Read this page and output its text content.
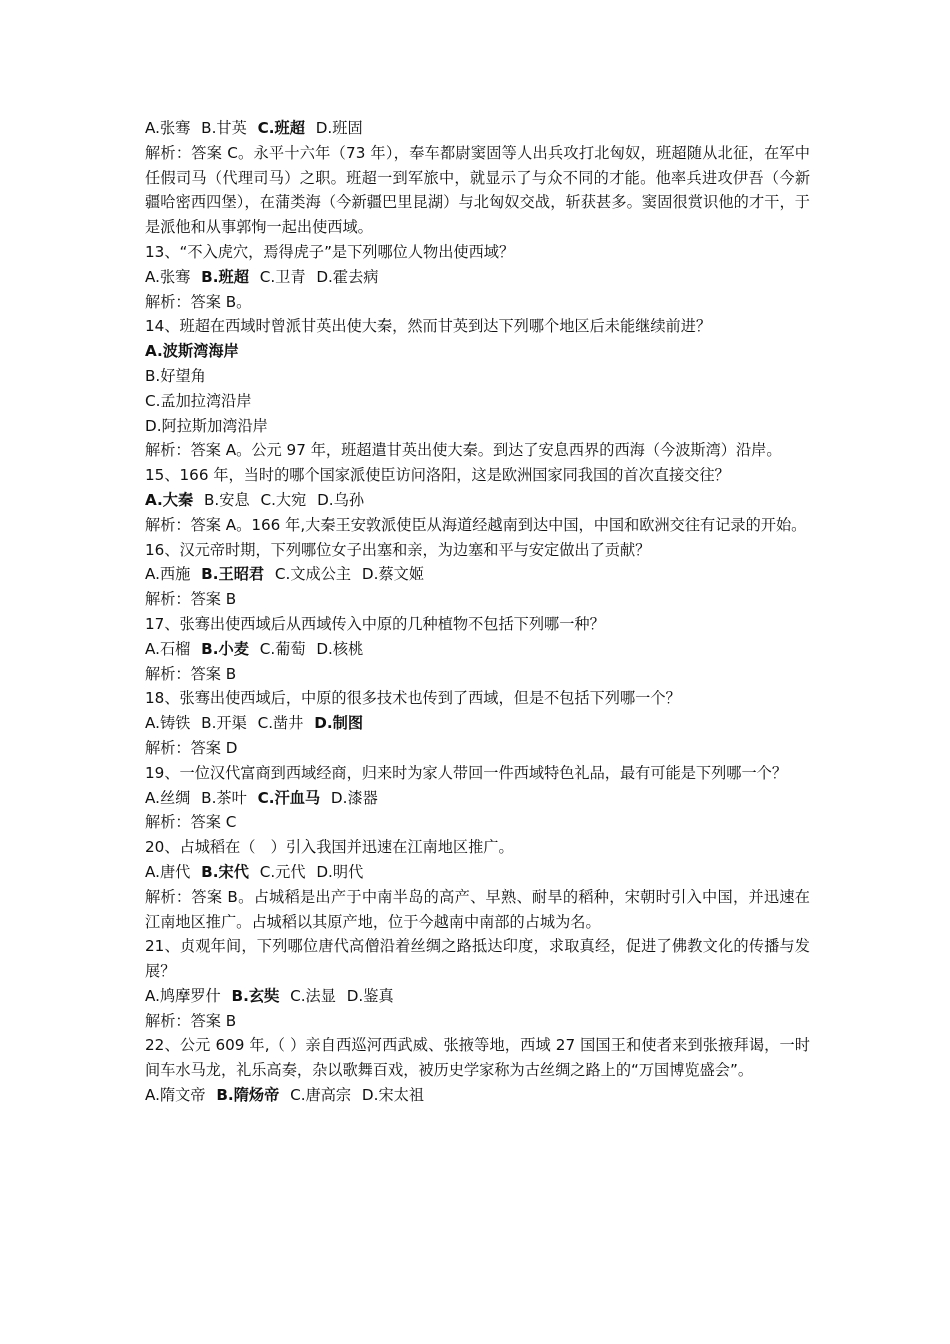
A.张骞 B.甘英 C.班超 D.班固

解析：答案 C。永平十六年（73 年），奉车都尉窦固等人出兵攻打北匈奴，班超随从北征，在军中任假司马（代理司马）之职。班超一到军旅中，就显示了与众不同的才能。他率兵进攻伊吾（今新疆哈密西四堡），在蒲类海（今新疆巴里昆湖）与北匈奴交战，斩获甚多。窦固很赏识他的才干，于是派他和从事郭恂一起出使西域。

13、“不入虎穴，焉得虎子”是下列哪位人物出使西域？

A.张骞 B.班超 C.卫青 D.霍去病

解析：答案 B。

14、班超在西域时曾派甘英出使大秦，然而甘英到达下列哪个地区后未能继续前进？

A.波斯湾海岸

B.好望角

C.孟加拉湾沿岸

D.阿拉斯加湾沿岸

解析：答案 A。公元 97 年，班超遣甘英出使大秦。到达了安息西界的西海（今波斯湾）沿岸。

15、166 年，当时的哪个国家派使臣访问洛阳，这是欧洲国家同我国的首次直接交往？

A.大秦 B.安息 C.大宛 D.乌孙

解析：答案 A。166 年,大秦王安敦派使臣从海道经越南到达中国，中国和欧洲交往有记录的开始。

16、汉元帝时期，下列哪位女子出塞和亲，为边塞和平与安定做出了贡献？

A.西施 B.王昭君 C.文成公主 D.蔡文姬

解析：答案 B

17、张骞出使西域后从西域传入中原的几种植物不包括下列哪一种？

A.石榴 B.小麦 C.葡萄 D.核桃

解析：答案 B

18、张骞出使西域后，中原的很多技术也传到了西域，但是不包括下列哪一个？

A.铸铁 B.开渠 C.凿井 D.制图

解析：答案 D

19、一位汉代富商到西域经商，归来时为家人带回一件西域特色礼品，最有可能是下列哪一个？

A.丝绸 B.茶叶 C.汗血马 D.漆器

解析：答案 C

20、占城稻在（　）引入我国并迅速在江南地区推广。

A.唐代 B.宋代 C.元代 D.明代

解析：答案 B。占城稻是出产于中南半岛的高产、早熟、耐旱的稻种，宋朝时引入中国，并迅速在江南地区推广。占城稻以其原产地，位于今越南中南部的占城为名。

21、贞观年间，下列哪位唐代高僧沿着丝绸之路抵达印度，求取真经，促进了佛教文化的传播与发展？

A.鸠摩罗什 B.玄奘 C.法显 D.鉴真

解析：答案 B

22、公元 609 年,（ ）亲自西巡河西武威、张掖等地，西域 27 国国王和使者来到张掖拜谒，一时间车水马龙，礼乐高奏，杂以歌舞百戏，被历史学家称为古丝绸之路上的“万国博览盛会”。

A.隋文帝 B.隋炀帝 C.唐高宗 D.宋太祖
